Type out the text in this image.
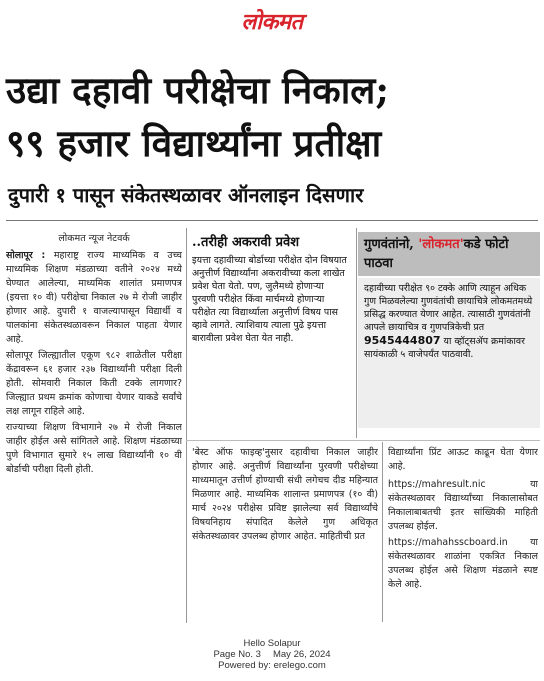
लोकमत
उद्या दहावी परीक्षेचा निकाल;
९९ हजार विद्यार्थ्यांना प्रतीक्षा
दुपारी १ पासून संकेतस्थळावर ऑनलाइन दिसणार
लोकमत न्यूज नेटवर्क

सोलापूर : महाराष्ट्र राज्य माध्यमिक व उच्च माध्यमिक शिक्षण मंडळाच्या वतीने २०२४ मध्ये घेण्यात आलेल्या, माध्यमिक शालांत प्रमाणपत्र (इयत्ता १० वी) परीक्षेचा निकाल २७ मे रोजी जाहीर होणार आहे. दुपारी १ वाजल्यापासून विद्यार्थी व पालकांना संकेतस्थळावरून निकाल पाहता येणार आहे.

सोलापूर जिल्ह्यातील एकूण ९८२ शाळेतील परीक्षा केंद्रावरून ६१ हजार २३७ विद्यार्थ्यांनी परीक्षा दिली होती. सोमवारी निकाल किती टक्के लागणार? जिल्ह्यात प्रथम क्रमांक कोणाचा येणार याकडे सर्वांचे लक्ष लागून राहिले आहे.

राज्याच्या शिक्षण विभागाने २७ मे रोजी निकाल जाहीर होईल असे सांगितले आहे. शिक्षण मंडळाच्या पुणे विभागात सुमारे १५ लाख विद्यार्थ्यांनी १० वी बोर्डाची परीक्षा दिली होती.

..तरीही अकरावी प्रवेश

इयत्ता दहावीच्या बोर्डाच्या परीक्षेत दोन विषयात अनुत्तीर्ण विद्यार्थ्यांना अकरावीच्या कला शाखेत प्रवेश घेता येतो. पण, जुलैमध्ये होणाऱ्या पुरवणी परीक्षेत किंवा मार्चमध्ये होणाऱ्या परीक्षेत त्या विद्यार्थ्याला अनुत्तीर्ण विषय पास व्हावे लागते. त्याशिवाय त्याला पुढे इयत्ता बारावीला प्रवेश घेता येत नाही.

गुणवंतांनो, 'लोकमत'कडे फोटो पाठवा
दहावीच्या परीक्षेत ९० टक्के आणि त्याहून अधिक गुण मिळवलेल्या गुणवंतांची छायाचित्रे लोकमतमध्ये प्रसिद्ध करण्यात येणार आहेत. त्यासाठी गुणवंतांनी आपले छायाचित्र व गुणपत्रिकेची प्रत 9545444807 या व्हॉट्सॲप क्रमांकावर सायंकाळी ५ वाजेपर्यंत पाठवावी.

'बेस्ट ऑफ फाइव्ह'नुसार दहावीचा निकाल जाहीर होणार आहे. अनुत्तीर्ण विद्यार्थ्यांना पुरवणी परीक्षेच्या माध्यमातून उत्तीर्ण होण्याची संधी लगेचच दीड महिन्यात मिळणार आहे. माध्यमिक शालान्त प्रमाणपत्र (१० वी) मार्च २०२४ परीक्षेस प्रविष्ट झालेल्या सर्व विद्यार्थ्यांचे विषयनिहाय संपादित केलेले गुण अधिकृत संकेतस्थळावर उपलब्ध होणार आहेत. माहितीची प्रत

विद्यार्थ्यांना प्रिंट आऊट काढून घेता येणार आहे.

https://mahresult.nic या संकेतस्थळावर विद्यार्थ्यांच्या निकालासोबत निकालाबाबतची इतर सांख्यिकी माहिती उपलब्ध होईल.

https://mahahsscboard.in या संकेतस्थळावर शाळांना एकत्रित निकाल उपलब्ध होईल असे शिक्षण मंडळाने स्पष्ट केले आहे.

Hello Solapur
Page No. 3 May 26, 2024
Powered by: erelego.com
